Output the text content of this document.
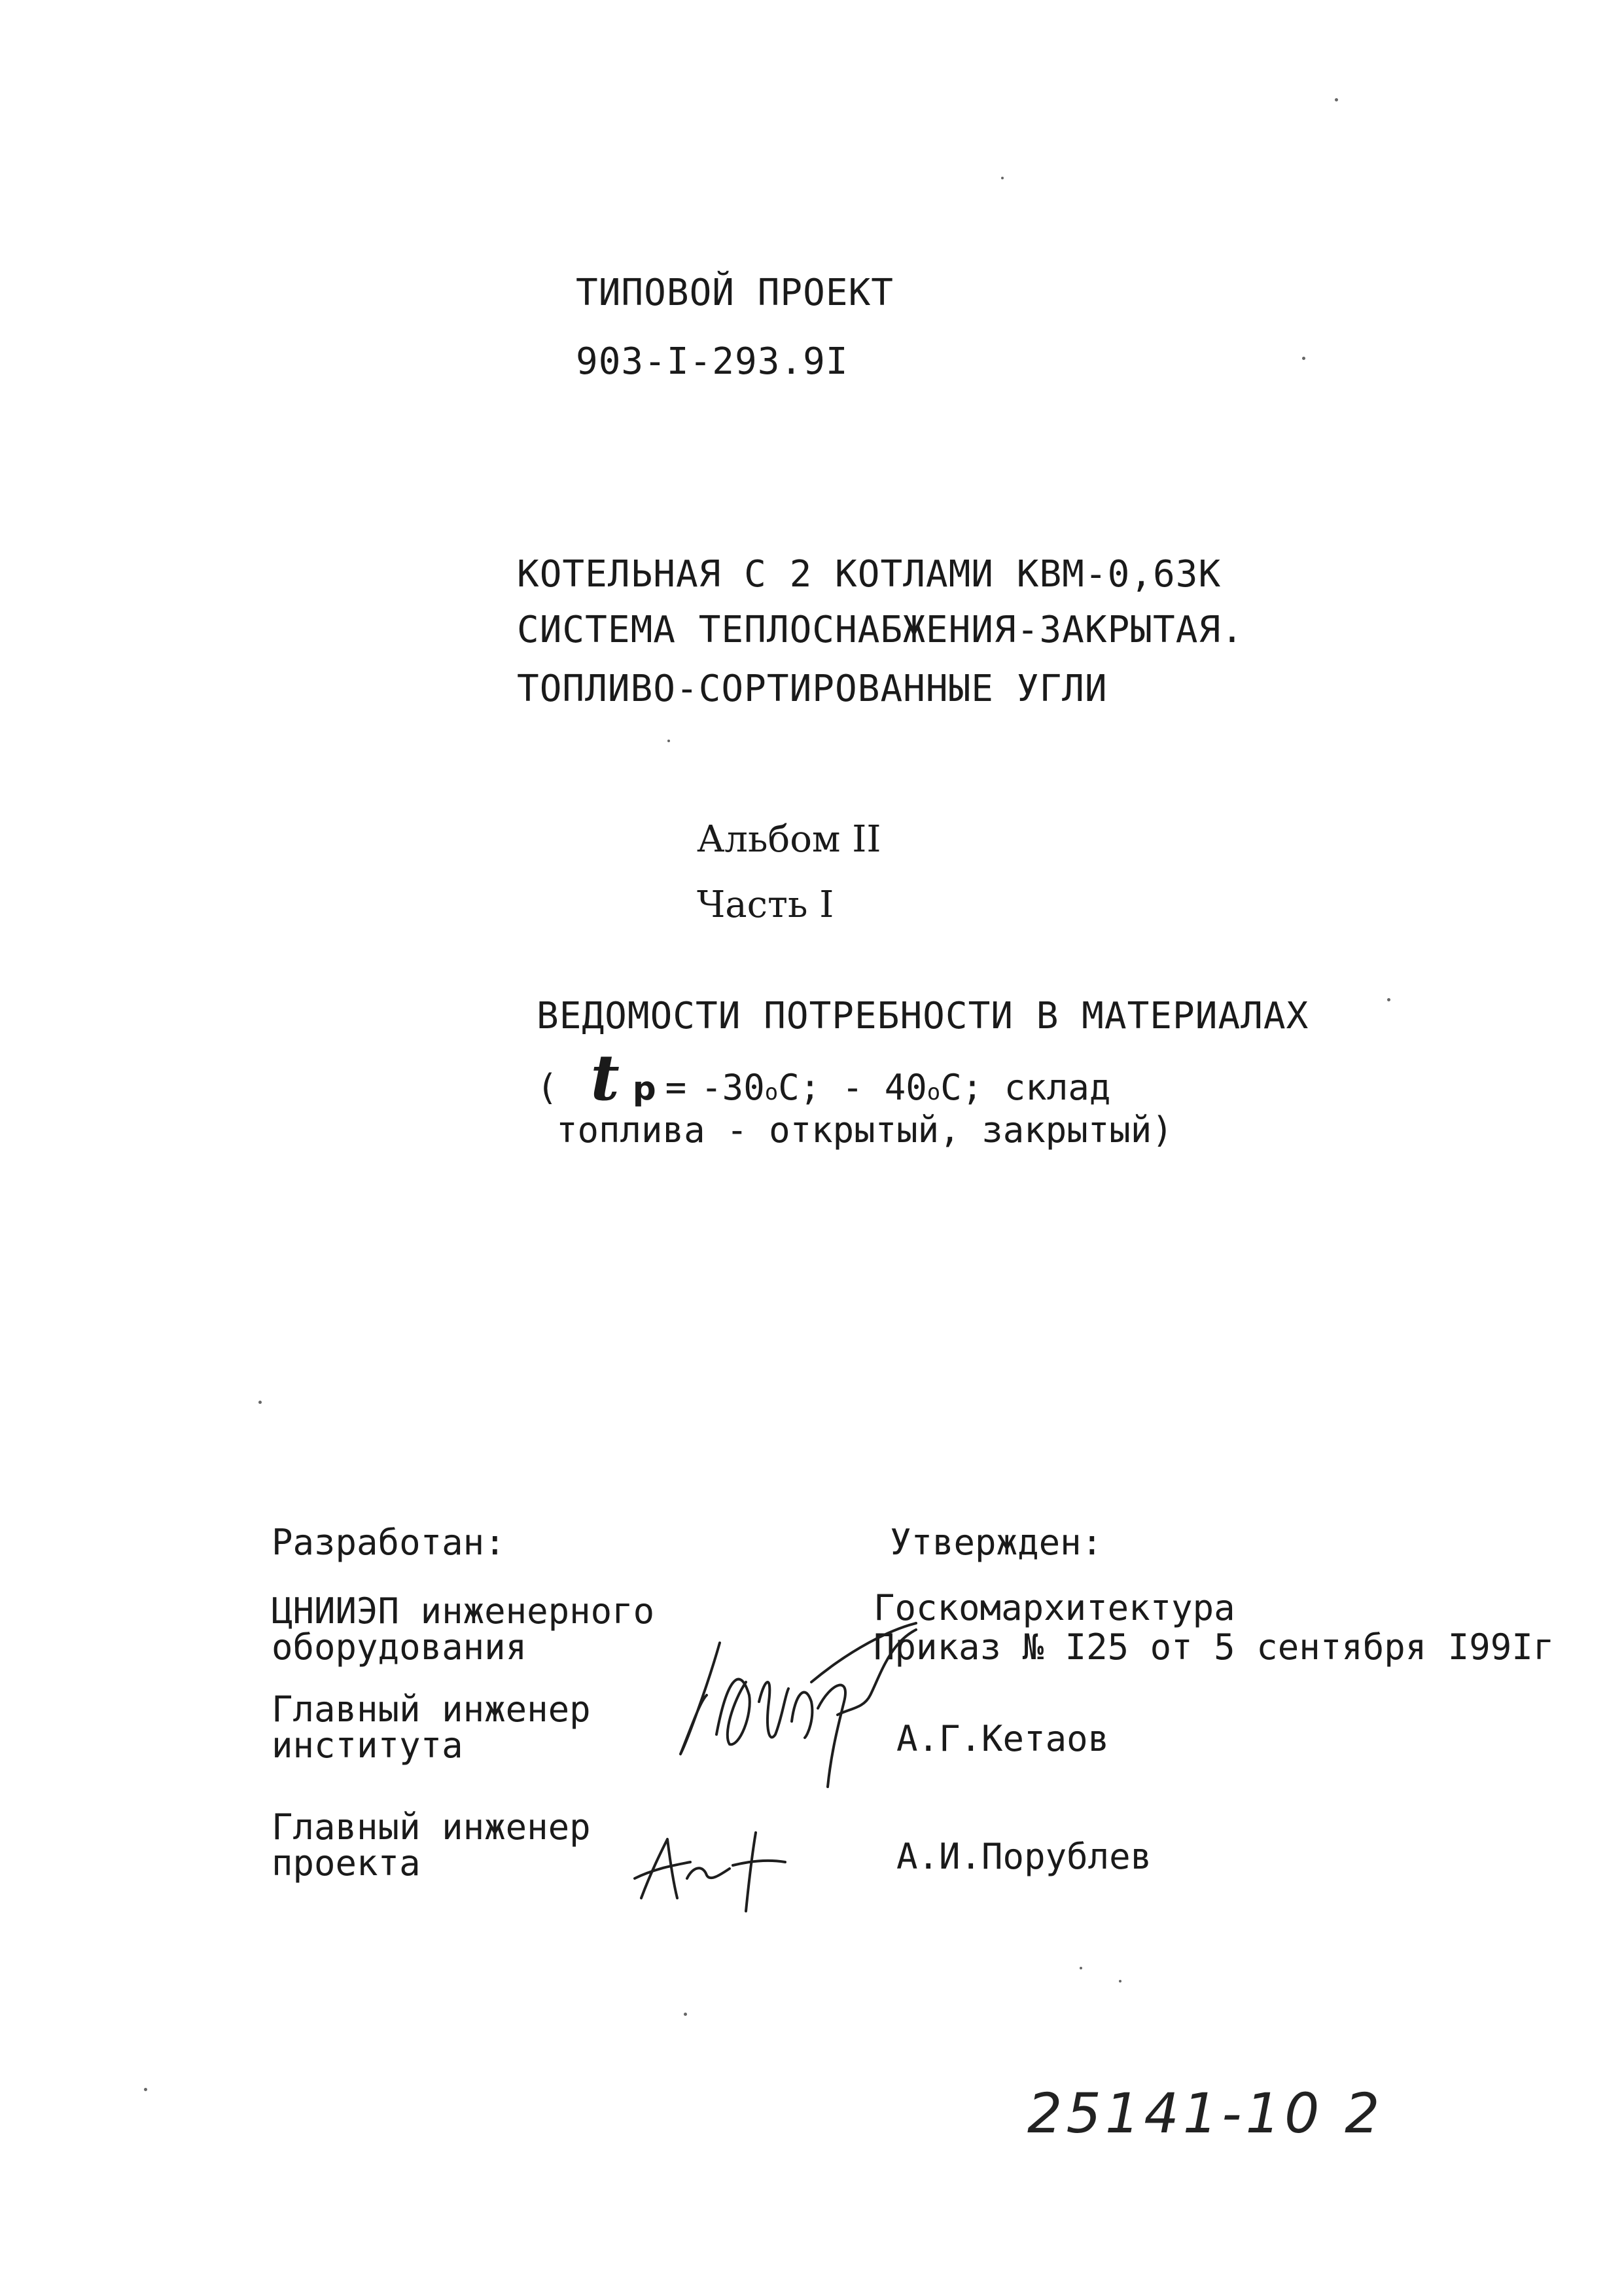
ТИПОВОЙ ПРОЕКТ
903-I-293.9I
КОТЕЛЬНАЯ С 2 КОТЛАМИ КВМ-0,63К
СИСТЕМА ТЕПЛОСНАБЖЕНИЯ-ЗАКРЫТАЯ.
ТОПЛИВО-СОРТИРОВАННЫЕ УГЛИ
Альбом II
Часть I
ВЕДОМОСТИ ПОТРЕБНОСТИ В МАТЕРИАЛАХ
( t p = -30 o C; - 40 o C; склад
топлива - открытый, закрытый)
Разработан:
ЦНИИЭП инженерного
оборудования
Главный инженер
института
Главный инженер
проекта
Утвержден:
Госкомархитектура
Приказ № I25 от 5 сентября I99Iг
А.Г.Кетаов
А.И.Порублев
25141-10 2
